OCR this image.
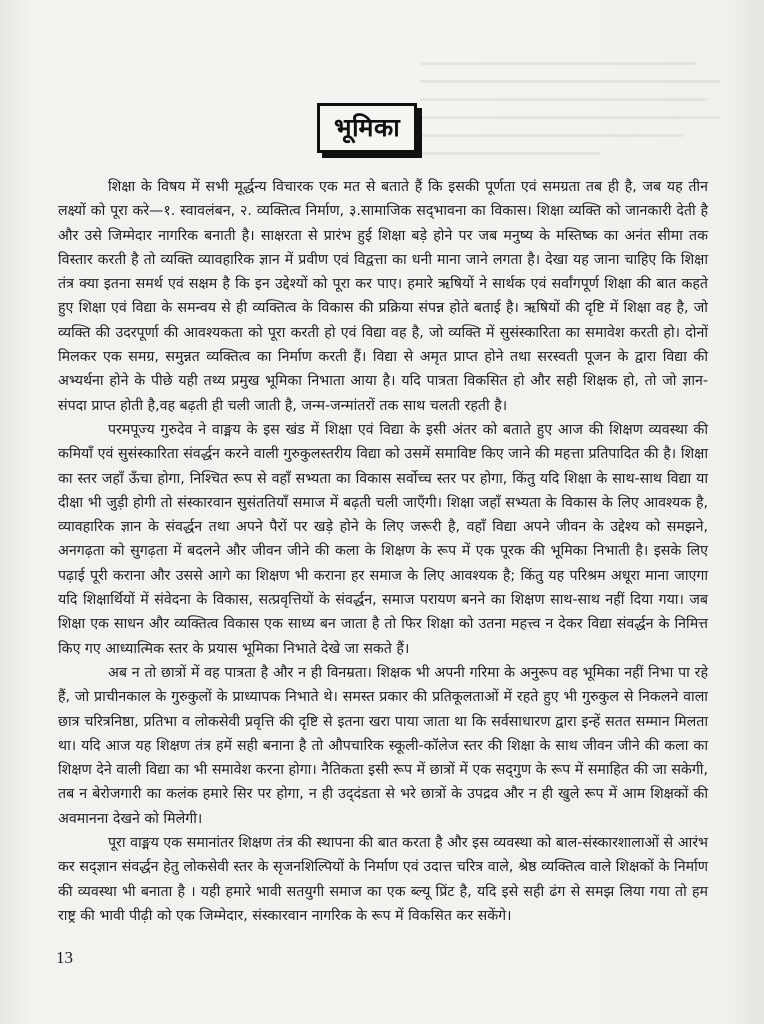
भूमिका

शिक्षा के विषय में सभी मूर्द्धन्य विचारक एक मत से बताते हैं कि इसकी पूर्णता एवं समग्रता तब ही है, जब यह तीन लक्ष्यों को पूरा करे—१. स्वावलंबन, २. व्यक्तित्व निर्माण, ३.सामाजिक सद्‌भावना का विकास। शिक्षा व्यक्ति को जानकारी देती है और उसे जिम्मेदार नागरिक बनाती है। साक्षरता से प्रारंभ हुई शिक्षा बड़े होने पर जब मनुष्य के मस्तिष्क का अनंत सीमा तक विस्तार करती है तो व्यक्ति व्यावहारिक ज्ञान में प्रवीण एवं विद्वत्ता का धनी माना जाने लगता है। देखा यह जाना चाहिए कि शिक्षा तंत्र क्या इतना समर्थ एवं सक्षम है कि इन उद्देश्यों को पूरा कर पाए। हमारे ऋषियों ने सार्थक एवं सर्वांगपूर्ण शिक्षा की बात कहते हुए शिक्षा एवं विद्या के समन्वय से ही व्यक्तित्व के विकास की प्रक्रिया संपन्न होते बताई है। ऋषियों की दृष्टि में शिक्षा वह है, जो व्यक्ति की उदरपूर्णा की आवश्यकता को पूरा करती हो एवं विद्या वह है, जो व्यक्ति में सुसंस्कारिता का समावेश करती हो। दोनों मिलकर एक समग्र, समुन्नत व्यक्तित्व का निर्माण करती हैं। विद्या से अमृत प्राप्त होने तथा सरस्वती पूजन के द्वारा विद्या की अभ्यर्थना होने के पीछे यही तथ्य प्रमुख भूमिका निभाता आया है। यदि पात्रता विकसित हो और सही शिक्षक हो, तो जो ज्ञान-संपदा प्राप्त होती है,वह बढ़ती ही चली जाती है, जन्म-जन्मांतरों तक साथ चलती रहती है।

परमपूज्य गुरुदेव ने वाङ्मय के इस खंड में शिक्षा एवं विद्या के इसी अंतर को बताते हुए आज की शिक्षण व्यवस्था की कमियाँ एवं सुसंस्कारिता संवर्द्धन करने वाली गुरुकुलस्तरीय विद्या को उसमें समाविष्ट किए जाने की महत्ता प्रतिपादित की है। शिक्षा का स्तर जहाँ ऊँचा होगा, निश्चित रूप से वहाँ सभ्यता का विकास सर्वोच्च स्तर पर होगा, किंतु यदि शिक्षा के साथ-साथ विद्या या दीक्षा भी जुड़ी होगी तो संस्कारवान सुसंततियाँ समाज में बढ़ती चली जाएँगी। शिक्षा जहाँ सभ्यता के विकास के लिए आवश्यक है, व्यावहारिक ज्ञान के संवर्द्धन तथा अपने पैरों पर खड़े होने के लिए जरूरी है, वहाँ विद्या अपने जीवन के उद्देश्य को समझने, अनगढ़ता को सुगढ़ता में बदलने और जीवन जीने की कला के शिक्षण के रूप में एक पूरक की भूमिका निभाती है। इसके लिए पढ़ाई पूरी कराना और उससे आगे का शिक्षण भी कराना हर समाज के लिए आवश्यक है; किंतु यह परिश्रम अधूरा माना जाएगा यदि शिक्षार्थियों में संवेदना के विकास, सत्प्रवृत्तियों के संवर्द्धन, समाज परायण बनने का शिक्षण साथ-साथ नहीं दिया गया। जब शिक्षा एक साधन और व्यक्तित्व विकास एक साध्य बन जाता है तो फिर शिक्षा को उतना महत्त्व न देकर विद्या संवर्द्धन के निमित्त किए गए आध्यात्मिक स्तर के प्रयास भूमिका निभाते देखे जा सकते हैं।

अब न तो छात्रों में वह पात्रता है और न ही विनम्रता। शिक्षक भी अपनी गरिमा के अनुरूप वह भूमिका नहीं निभा पा रहे हैं, जो प्राचीनकाल के गुरुकुलों के प्राध्यापक निभाते थे। समस्त प्रकार की प्रतिकूलताओं में रहते हुए भी गुरुकुल से निकलने वाला छात्र चरित्रनिष्ठा, प्रतिभा व लोकसेवी प्रवृत्ति की दृष्टि से इतना खरा पाया जाता था कि सर्वसाधारण द्वारा इन्हें सतत सम्मान मिलता था। यदि आज यह शिक्षण तंत्र हमें सही बनाना है तो औपचारिक स्कूली-कॉलेज स्तर की शिक्षा के साथ जीवन जीने की कला का शिक्षण देने वाली विद्या का भी समावेश करना होगा। नैतिकता इसी रूप में छात्रों में एक सद्‌गुण के रूप में समाहित की जा सकेगी, तब न बेरोजगारी का कलंक हमारे सिर पर होगा, न ही उद्‌दंडता से भरे छात्रों के उपद्रव और न ही खुले रूप में आम शिक्षकों की अवमानना देखने को मिलेगी।

पूरा वाङ्मय एक समानांतर शिक्षण तंत्र की स्थापना की बात करता है और इस व्यवस्था को बाल-संस्कारशालाओं से आरंभ कर सद्ज्ञान संवर्द्धन हेतु लोकसेवी स्तर के सृजनशिल्पियों के निर्माण एवं उदात्त चरित्र वाले, श्रेष्ठ व्यक्तित्व वाले शिक्षकों के निर्माण की व्यवस्था भी बनाता है । यही हमारे भावी सतयुगी समाज का एक ब्ल्यू प्रिंट है, यदि इसे सही ढंग से समझ लिया गया तो हम राष्ट्र की भावी पीढ़ी को एक जिम्मेदार, संस्कारवान नागरिक के रूप में विकसित कर सकेंगे।

13
